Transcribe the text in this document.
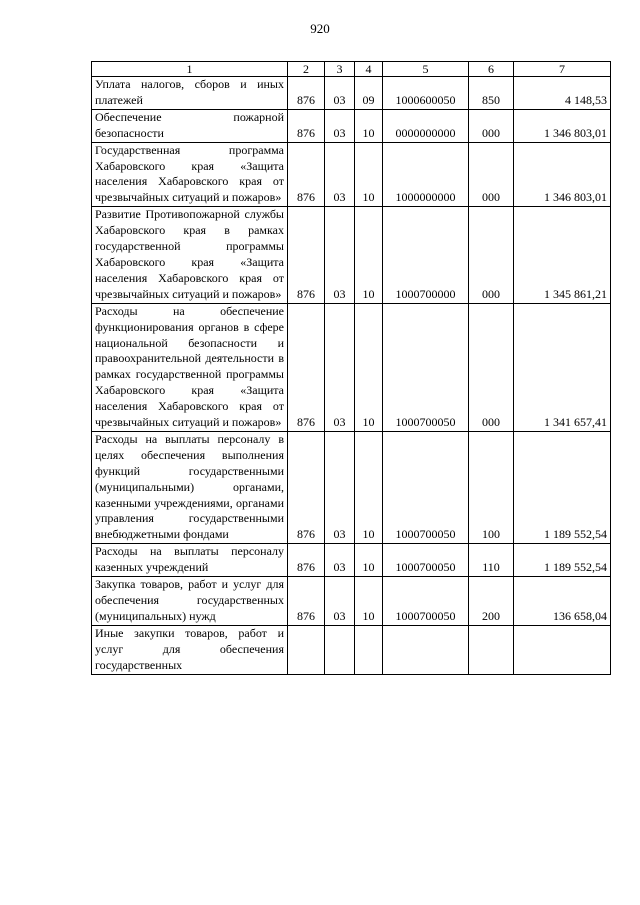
920
1	2	3	4	5	6	7
Уплата налогов, сборов и иных платежей	876	03	09	1000600050	850	4 148,53
Обеспечение пожарной безопасности	876	03	10	0000000000	000	1 346 803,01
Государственная программа Хабаровского края «Защита населения Хабаровского края от чрезвычайных ситуаций и пожаров»	876	03	10	1000000000	000	1 346 803,01
Развитие Противопожарной службы Хабаровского края в рамках государственной программы Хабаровского края «Защита населения Хабаровского края от чрезвычайных ситуаций и пожаров»	876	03	10	1000700000	000	1 345 861,21
Расходы на обеспечение функционирования органов в сфере национальной безопасности и правоохранительной деятельности в рамках государственной программы Хабаровского края «Защита населения Хабаровского края от чрезвычайных ситуаций и пожаров»	876	03	10	1000700050	000	1 341 657,41
Расходы на выплаты персоналу в целях обеспечения выполнения функций государственными (муниципальными) органами, казенными учреждениями, органами управления государственными внебюджетными фондами	876	03	10	1000700050	100	1 189 552,54
Расходы на выплаты персоналу казенных учреждений	876	03	10	1000700050	110	1 189 552,54
Закупка товаров, работ и услуг для обеспечения государственных (муниципальных) нужд	876	03	10	1000700050	200	136 658,04
Иные закупки товаров, работ и услуг для обеспечения государственных						
